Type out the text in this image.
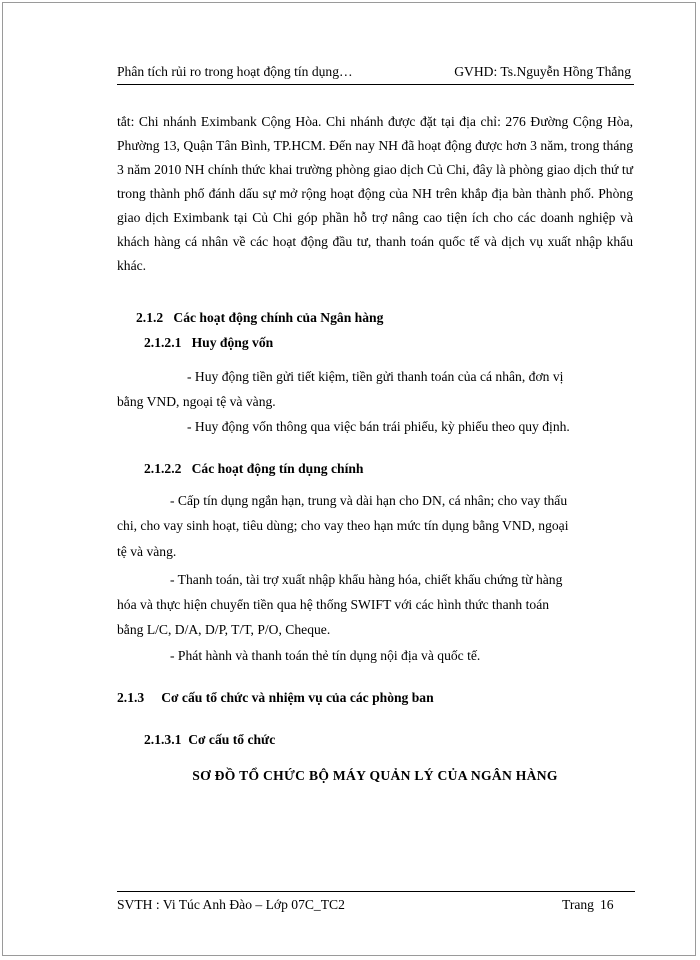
Phân tích rủi ro trong hoạt động tín dụng…	GVHD: Ts.Nguyễn Hồng Thắng

tắt: Chi nhánh Eximbank Cộng Hòa. Chi nhánh được đặt tại địa chỉ: 276 Đường Cộng Hòa, Phường 13, Quận Tân Bình, TP.HCM. Đến nay NH đã hoạt động được hơn 3 năm, trong tháng 3 năm 2010 NH chính thức khai trường phòng giao dịch Củ Chi, đây là phòng giao dịch thứ tư trong thành phố đánh dấu sự mở rộng hoạt động của NH trên khắp địa bàn thành phố. Phòng giao dịch Eximbank tại Củ Chi góp phần hỗ trợ nâng cao tiện ích cho các doanh nghiệp và khách hàng cá nhân về các hoạt động đầu tư, thanh toán quốc tế và dịch vụ xuất nhập khẩu khác.

2.1.2 Các hoạt động chính của Ngân hàng
2.1.2.1 Huy động vốn
- Huy động tiền gửi tiết kiệm, tiền gửi thanh toán của cá nhân, đơn vị
bằng VND, ngoại tệ và vàng.
- Huy động vốn thông qua việc bán trái phiếu, kỳ phiếu theo quy định.
2.1.2.2 Các hoạt động tín dụng chính
- Cấp tín dụng ngắn hạn, trung và dài hạn cho DN, cá nhân; cho vay thấu
chi, cho vay sinh hoạt, tiêu dùng; cho vay theo hạn mức tín dụng bằng VND, ngoại
tệ và vàng.
- Thanh toán, tài trợ xuất nhập khẩu hàng hóa, chiết khấu chứng từ hàng
hóa và thực hiện chuyển tiền qua hệ thống SWIFT với các hình thức thanh toán
bằng L/C, D/A, D/P, T/T, P/O, Cheque.
- Phát hành và thanh toán thẻ tín dụng nội địa và quốc tế.
2.1.3 Cơ cấu tổ chức và nhiệm vụ của các phòng ban
2.1.3.1 Cơ cấu tổ chức
SƠ ĐỒ TỔ CHỨC BỘ MÁY QUẢN LÝ CỦA NGÂN HÀNG
SVTH : Vi Túc Anh Đào – Lớp 07C_TC2	Trang 16
